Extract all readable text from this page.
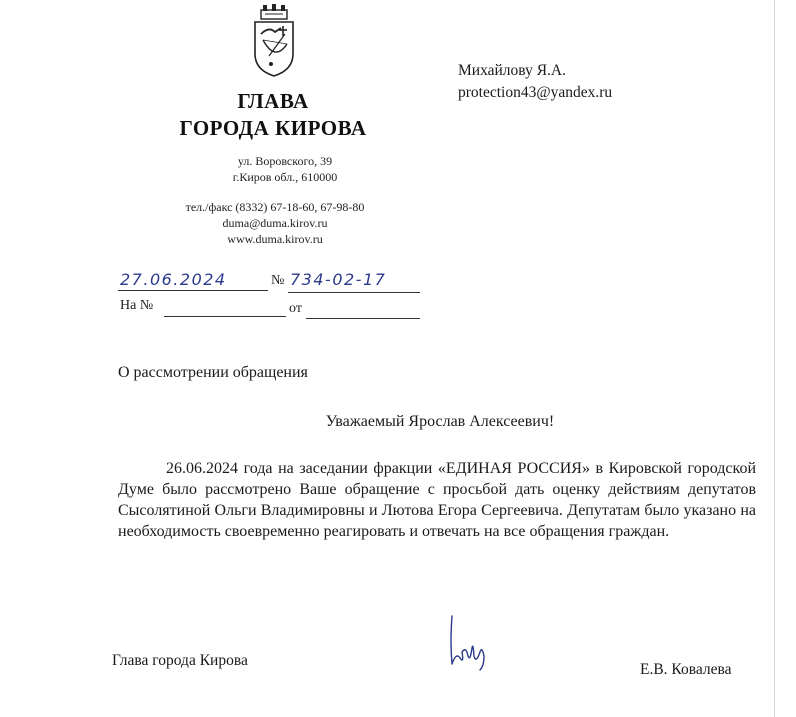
ГЛАВА
ГОРОДА КИРОВА
ул. Воровского, 39
г.Киров обл., 610000
тел./факс (8332) 67-18-60, 67-98-80
duma@duma.kirov.ru
www.duma.kirov.ru
Михайлову Я.А.
protection43@yandex.ru
27.06.2024	№ 734-02-17
На №	от
О рассмотрении обращения
Уважаемый Ярослав Алексеевич!
26.06.2024 года на заседании фракции «ЕДИНАЯ РОССИЯ» в Кировской городской Думе было рассмотрено Ваше обращение с просьбой дать оценку действиям депутатов Сысолятиной Ольги Владимировны и Лютова Егора Сергеевича. Депутатам было указано на необходимость своевременно реагировать и отвечать на все обращения граждан.
Глава города Кирова
Е.В. Ковалева
